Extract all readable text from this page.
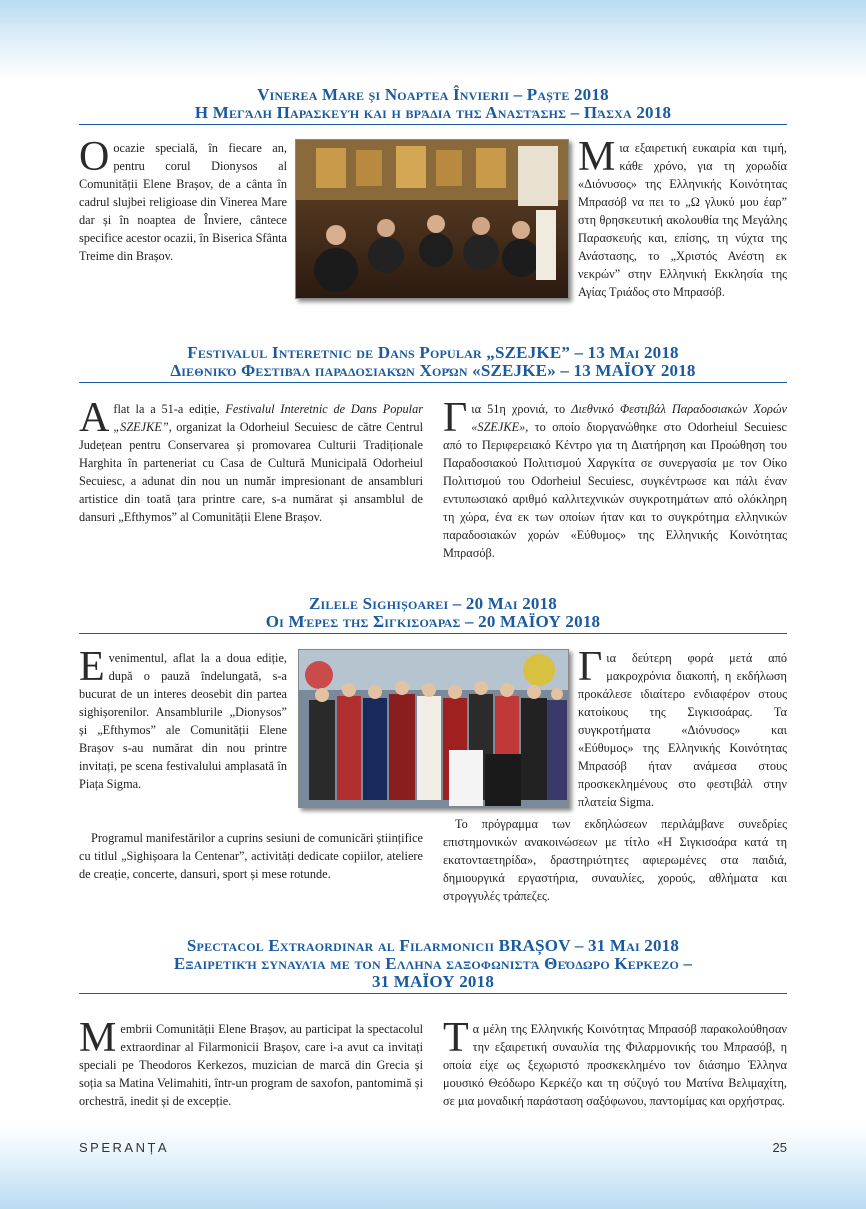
Vinerea Mare și Noaptea Învierii – Paște 2018
Η Μεγάλη Παρασκευή και η βράδια της Αναστάσης – Πάσχα 2018
Oocazie specială, în fiecare an, pentru corul Dionysos al Comunității Elene Brașov, de a cânta în cadrul slujbei religioase din Vinerea Mare dar și în noaptea de Înviere, cântece specifice acestor ocazii, în Biserica Sfânta Treime din Brașov.
Μια εξαιρετική ευκαιρία και τιμή, κάθε χρόνο, για τη χορωδία «Διόνυσος» της Ελληνικής Κοινότητας Μπρασόβ να πει το „Ω γλυκύ μου έαρ” στη θρησκευτική ακολουθία της Μεγάλης Παρασκευής και, επίσης, τη νύχτα της Ανάστασης, το „Χριστός Ανέστη εκ νεκρών” στην Ελληνική Εκκλησία της Αγίας Τριάδος στο Μπρασόβ.
Festivalul Interetnic de Dans Popular „SZEJKE” – 13 Mai 2018
Διεθνικό Φεστιβάλ παραδοσιακών Χορών «SZEJKE» – 13 ΜΑΪΟΥ 2018
Aflat la a 51-a ediție, Festivalul Interetnic de Dans Popular „SZEJKE”, organizat la Odorheiul Secuiesc de către Centrul Județean pentru Conservarea și promovarea Culturii Tradiționale Harghita în parteneriat cu Casa de Cultură Municipală Odorheiul Secuiesc, a adunat din nou un număr impresionant de ansambluri artistice din toată țara printre care, s-a numărat și ansamblul de dansuri „Efthymos” al Comunității Elene Brașov.
Για 51η χρονιά, το Διεθνικό Φεστιβάλ Παραδοσιακών Χορών «SZEJKE», το οποίο διοργανώθηκε στο Odorheiul Secuiesc από το Περιφερειακό Κέντρο για τη Διατήρηση και Προώθηση του Παραδοσιακού Πολιτισμού Χαργκίτα σε συνεργασία με τον Οίκο Πολιτισμού του Odorheiul Secuiesc, συγκέντρωσε και πάλι έναν εντυπωσιακό αριθμό καλλιτεχνικών συγκροτημάτων από ολόκληρη τη χώρα, ένα εκ των οποίων ήταν και το συγκρότημα ελληνικών παραδοσιακών χορών «Εύθυμος» της Ελληνικής Κοινότητας Μπρασόβ.
Zilele Sighișoarei – 20 Mai 2018
Οι Μέρες της Σιγκισοάρας – 20 ΜΑΪΟΥ 2018
Evenimentul, aflat la a doua ediție, după o pauză îndelungată, s-a bucurat de un interes deosebit din partea sighișorenilor. Ansamblurile „Dionysos” și „Efthymos” ale Comunității Elene Brașov s-au numărat din nou printre invitați, pe scena festivalului amplasată în Piața Sigma.
Programul manifestărilor a cuprins sesiuni de comunicări științifice cu titlul „Sighișoara la Centenar”, activități dedicate copiilor, ateliere de creație, concerte, dansuri, sport și mese rotunde.
Για δεύτερη φορά μετά από μακροχρόνια διακοπή, η εκδήλωση προκάλεσε ιδιαίτερο ενδιαφέρον στους κατοίκους της Σιγκισοάρας. Τα συγκροτήματα «Διόνυσος» και «Εύθυμος» της Ελληνικής Κοινότητας Μπρασόβ ήταν ανάμεσα στους προσκεκλημένους στο φεστιβάλ στην πλατεία Sigma.
Το πρόγραμμα των εκδηλώσεων περιλάμβανε συνεδρίες επιστημονικών ανακοινώσεων με τίτλο «Η Σιγκισοάρα κατά τη εκατονταετηρίδα», δραστηριότητες αφιερωμένες στα παιδιά, δημιουργικά εργαστήρια, συναυλίες, χορούς, αθλήματα και στρογγυλές τράπεζες.
Spectacol Extraordinar al Filarmonicii BRAȘOV – 31 Mai 2018
Εξαιρετική συναυλία με τον Ελληνα σαξοφωνιστά Θεόδωρο Κερκεζο –
31 ΜΑΪΟΥ 2018
Membrii Comunității Elene Brașov, au participat la spectacolul extraordinar al Filarmonicii Brașov, care i-a avut ca invitați speciali pe Theodoros Kerkezos, muzician de marcă din Grecia și soția sa Matina Velimahiti, într-un program de saxofon, pantomimă și orchestră, inedit și de excepție.
Τα μέλη της Ελληνικής Κοινότητας Μπρασόβ παρακολούθησαν την εξαιρετική συναυλία της Φιλαρμονικής του Μπρασόβ, η οποία είχε ως ξεχωριστό προσκεκλημένο τον διάσημο Έλληνα μουσικό Θεόδωρο Κερκέζο και τη σύζυγό του Ματίνα Βελιμαχίτη, σε μια μοναδική παράσταση σαξόφωνου, παντομίμας και ορχήστρας.
SPERANȚA	25
